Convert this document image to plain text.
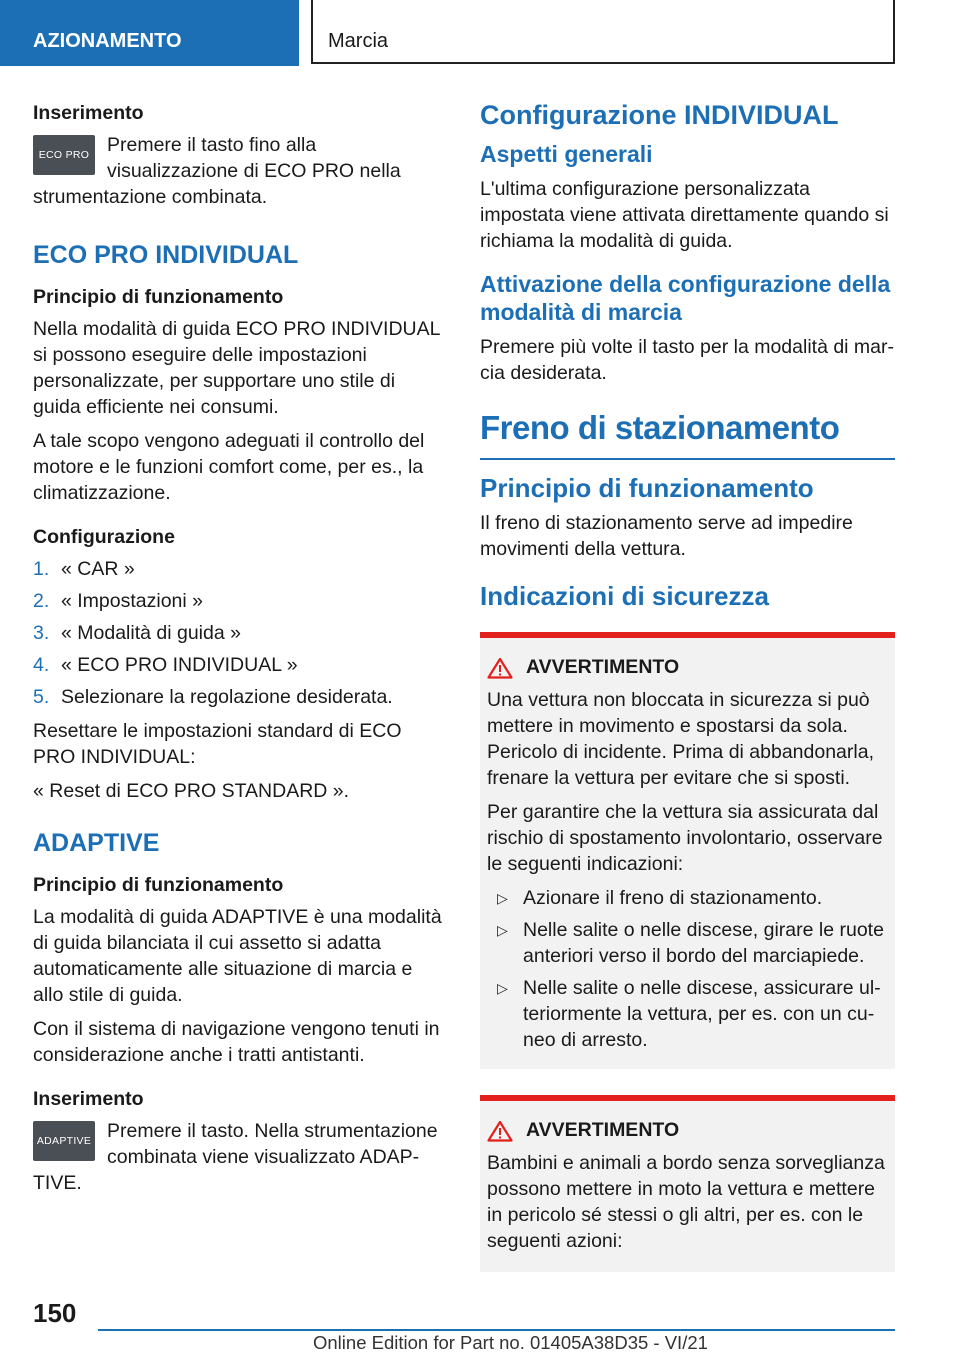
AZIONAMENTO	Marcia
Inserimento
ECO PRO Premere il tasto fino alla visualizzazione di ECO PRO nella strumentazione combinata.

ECO PRO INDIVIDUAL
Principio di funzionamento

Nella modalità di guida ECO PRO INDIVIDUAL si possono eseguire delle impostazioni personalizzate, per supportare uno stile di guida efficiente nei consumi.

A tale scopo vengono adeguati il controllo del motore e le funzioni comfort come, per es., la climatizzazione.

Configurazione
1. « CAR »
2. « Impostazioni »
3. « Modalità di guida »
4. « ECO PRO INDIVIDUAL »
5. Selezionare la regolazione desiderata.

Resettare le impostazioni standard di ECO PRO INDIVIDUAL:

« Reset di ECO PRO STANDARD ».

ADAPTIVE
Principio di funzionamento

La modalità di guida ADAPTIVE è una modalità di guida bilanciata il cui assetto si adatta automaticamente alle situazione di marcia e allo stile di guida.

Con il sistema di navigazione vengono tenuti in considerazione anche i tratti antistanti.

Inserimento
ADAPTIVE Premere il tasto. Nella strumentazione combinata viene visualizzato ADAPTIVE.

Configurazione INDIVIDUAL
Aspetti generali

L'ultima configurazione personalizzata impostata viene attivata direttamente quando si richiama la modalità di guida.

Attivazione della configurazione della modalità di marcia

Premere più volte il tasto per la modalità di marcia desiderata.

Freno di stazionamento
Principio di funzionamento

Il freno di stazionamento serve ad impedire movimenti della vettura.

Indicazioni di sicurezza
AVVERTIMENTO

Una vettura non bloccata in sicurezza si può mettere in movimento e spostarsi da sola. Pericolo di incidente. Prima di abbandonarla, frenare la vettura per evitare che si sposti.

Per garantire che la vettura sia assicurata dal rischio di spostamento involontario, osservare le seguenti indicazioni:

▷ Azionare il freno di stazionamento.
▷ Nelle salite o nelle discese, girare le ruote anteriori verso il bordo del marciapiede.
▷ Nelle salite o nelle discese, assicurare ulteriormente la vettura, per es. con un cuneo di arresto.
AVVERTIMENTO

Bambini e animali a bordo senza sorveglianza possono mettere in moto la vettura e mettere in pericolo sé stessi o gli altri, per es. con le seguenti azioni:

150
Online Edition for Part no. 01405A38D35 - VI/21
